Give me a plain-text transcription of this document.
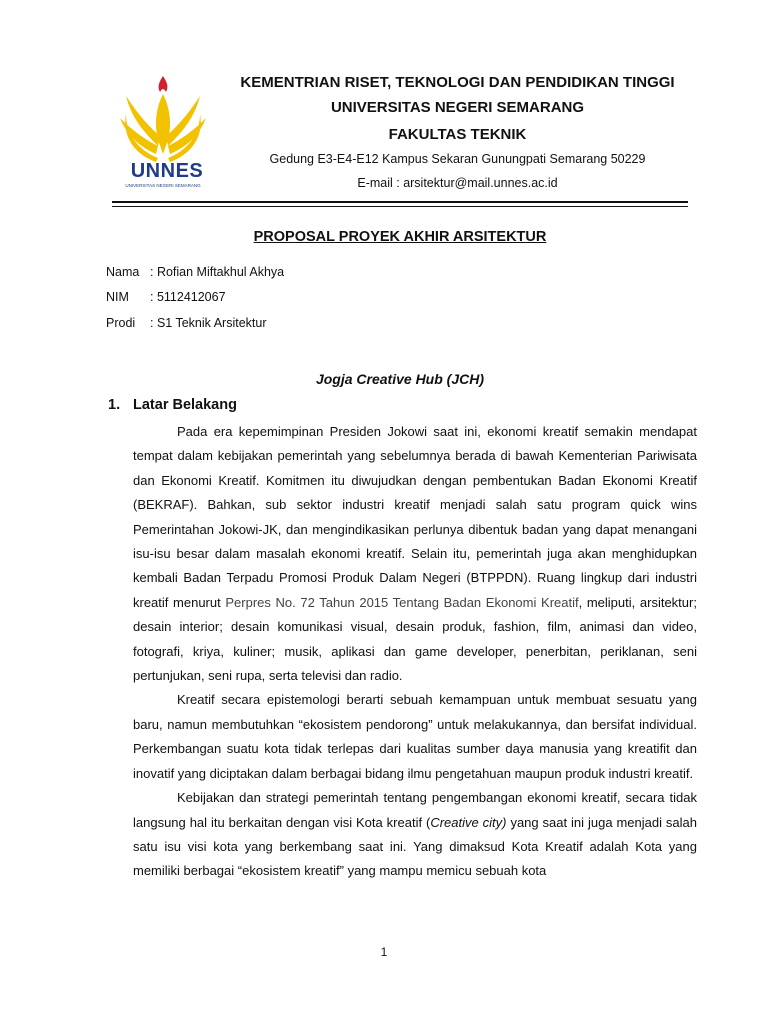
UNNES
UNIVERSITAS NEGERI SEMARANG
KEMENTRIAN RISET, TEKNOLOGI DAN PENDIDIKAN TINGGI
UNIVERSITAS NEGERI SEMARANG
FAKULTAS TEKNIK
Gedung E3-E4-E12 Kampus Sekaran Gunungpati Semarang 50229
E-mail : arsitektur@mail.unnes.ac.id
PROPOSAL PROYEK AKHIR ARSITEKTUR
Nama : Rofian Miftakhul Akhya
NIM : 5112412067
Prodi : S1 Teknik Arsitektur
Jogja Creative Hub (JCH)
1. Latar Belakang

Pada era kepemimpinan Presiden Jokowi saat ini, ekonomi kreatif semakin mendapat tempat dalam kebijakan pemerintah yang sebelumnya berada di bawah Kementerian Pariwisata dan Ekonomi Kreatif. Komitmen itu diwujudkan dengan pembentukan Badan Ekonomi Kreatif (BEKRAF). Bahkan, sub sektor industri kreatif menjadi salah satu program quick wins Pemerintahan Jokowi-JK, dan mengindikasikan perlunya dibentuk badan yang dapat menangani isu-isu besar dalam masalah ekonomi kreatif. Selain itu, pemerintah juga akan menghidupkan kembali Badan Terpadu Promosi Produk Dalam Negeri (BTPPDN). Ruang lingkup dari industri kreatif menurut Perpres No. 72 Tahun 2015 Tentang Badan Ekonomi Kreatif, meliputi, arsitektur; desain interior; desain komunikasi visual, desain produk, fashion, film, animasi dan video, fotografi, kriya, kuliner; musik, aplikasi dan game developer, penerbitan, periklanan, seni pertunjukan, seni rupa, serta televisi dan radio.

Kreatif secara epistemologi berarti sebuah kemampuan untuk membuat sesuatu yang baru, namun membutuhkan “ekosistem pendorong” untuk melakukannya, dan bersifat individual. Perkembangan suatu kota tidak terlepas dari kualitas sumber daya manusia yang kreatifit dan inovatif yang diciptakan dalam berbagai bidang ilmu pengetahuan maupun produk industri kreatif.

Kebijakan dan strategi pemerintah tentang pengembangan ekonomi kreatif, secara tidak langsung hal itu berkaitan dengan visi Kota kreatif (Creative city) yang saat ini juga menjadi salah satu isu visi kota yang berkembang saat ini. Yang dimaksud Kota Kreatif adalah Kota yang memiliki berbagai “ekosistem kreatif” yang mampu memicu sebuah kota

1
